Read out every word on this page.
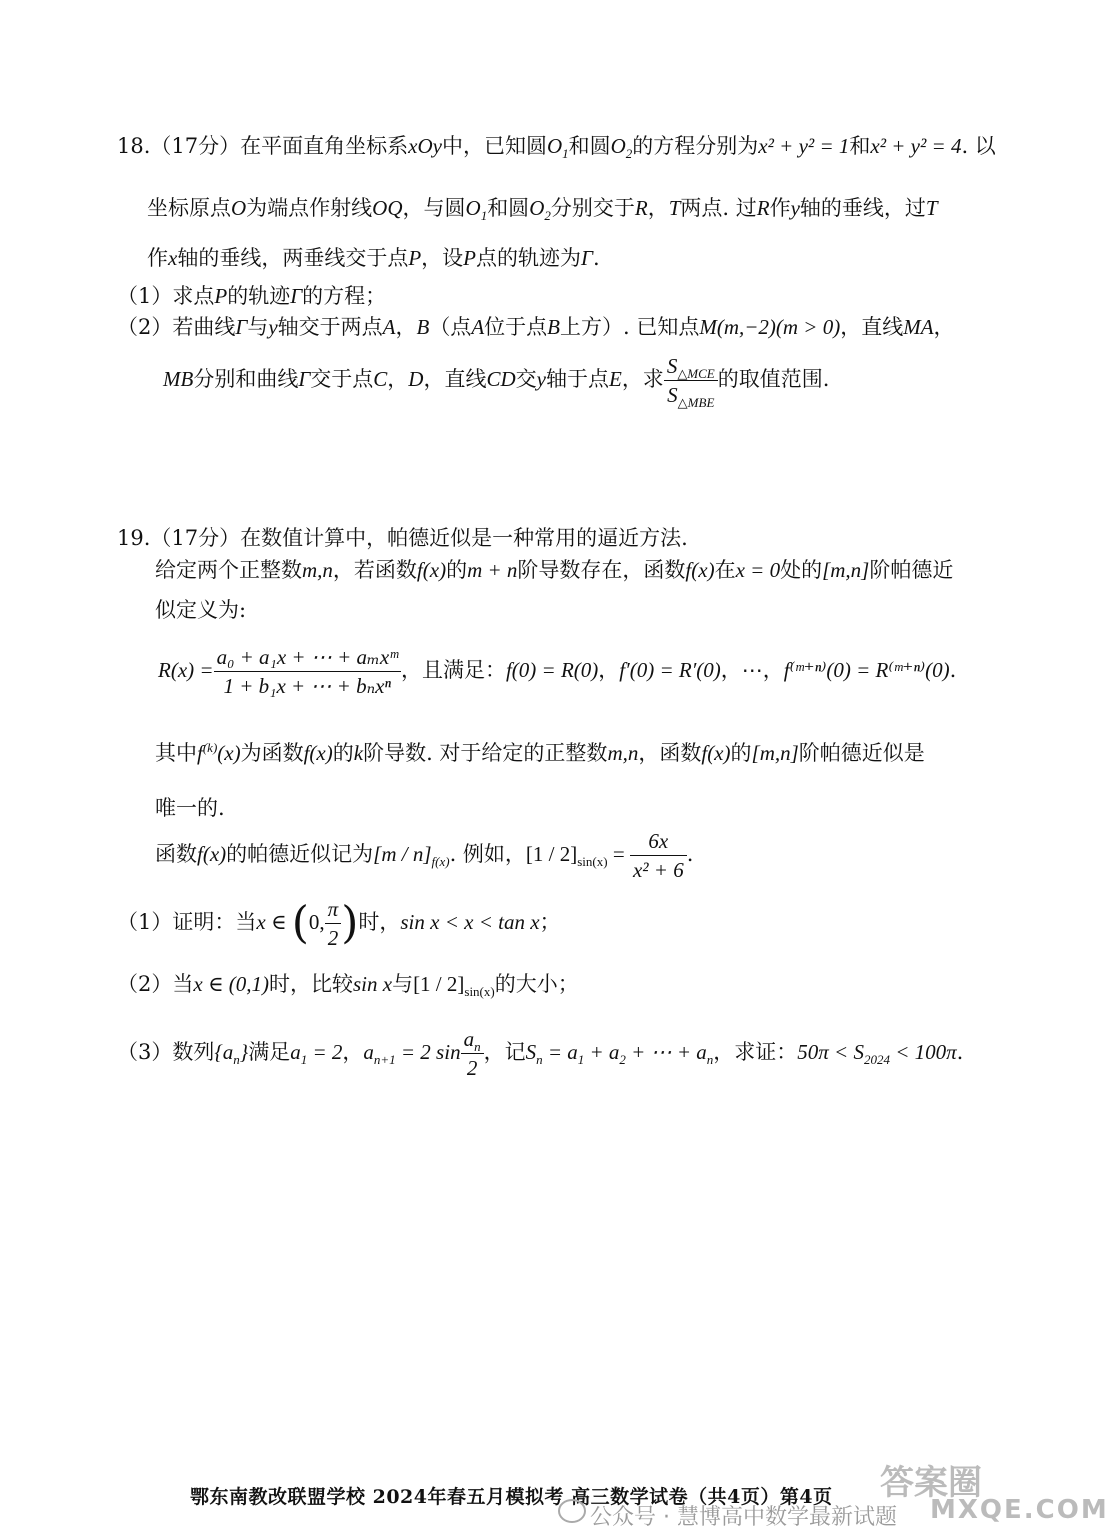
18.（17分）在平面直角坐标系xOy中，已知圆$O_1$和圆$O_2$的方程分别为x² + y² = 1和x² + y² = 4. 以
坐标原点O为端点作射线OQ，与圆$O_1$和圆$O_2$分别交于R，T两点. 过R作y轴的垂线，过T
作x轴的垂线，两垂线交于点P，设P点的轨迹为Γ.
（1）求点P的轨迹Γ的方程；
（2）若曲线Γ与y轴交于两点A，B（点A位于点B上方）. 已知点M(m,−2)(m > 0)，直线MA，
MB分别和曲线Γ交于点C，D，直线CD交y轴于点E，求 $\frac{S_{\triangle MCE}}{S_{\triangle MBE}}$ 的取值范围.
19.（17分）在数值计算中，帕德近似是一种常用的逼近方法.
给定两个正整数m,n，若函数f(x)的m + n阶导数存在，函数f(x)在x = 0处的[m,n]阶帕德近
似定义为:
$R(x) = \frac{\text{a₀ + a₁x + ⋯ + aₘxᵐ}}{\text{1 + b₁x + ⋯ + bₙxⁿ}}$ ，且满足：f(0) = R(0)，f′(0) = R′(0)，⋯，f⁽ᵐ⁺ⁿ⁾(0) = R⁽ᵐ⁺ⁿ⁾(0).
其中$f^{(k)}(x)$为函数f(x)的k阶导数. 对于给定的正整数m,n，函数f(x)的[m,n]阶帕德近似是
唯一的.
函数f(x)的帕德近似记为$[m / n]_{f(x)}$. 例如，$[1 / 2]_{sin(x)} = \frac{6x}{\text{x² + 6}}$ .
（1）证明：当x ∈ (0, $\frac{\pi}{2}$ )时，sin x < x < tan x；
（2）当x ∈ (0,1)时，比较sin x与$[1 / 2]_{sin(x)}$的大小；
（3）数列$\{a_n\}$满足$a_1 = 2$，$a_{n+1} = 2$ $\sin \frac{a_n}{2}$ ，记$S_n = a_1 + a_2$ + ⋯ + $a_n$，求证：$50\pi < S_{2024} < 100\pi$.
鄂东南教改联盟学校 2024年春五月模拟考 高三数学试卷（共4页）第4页 答案圈
MXQE.COM
公众号 · 慧博高中数学最新试题
